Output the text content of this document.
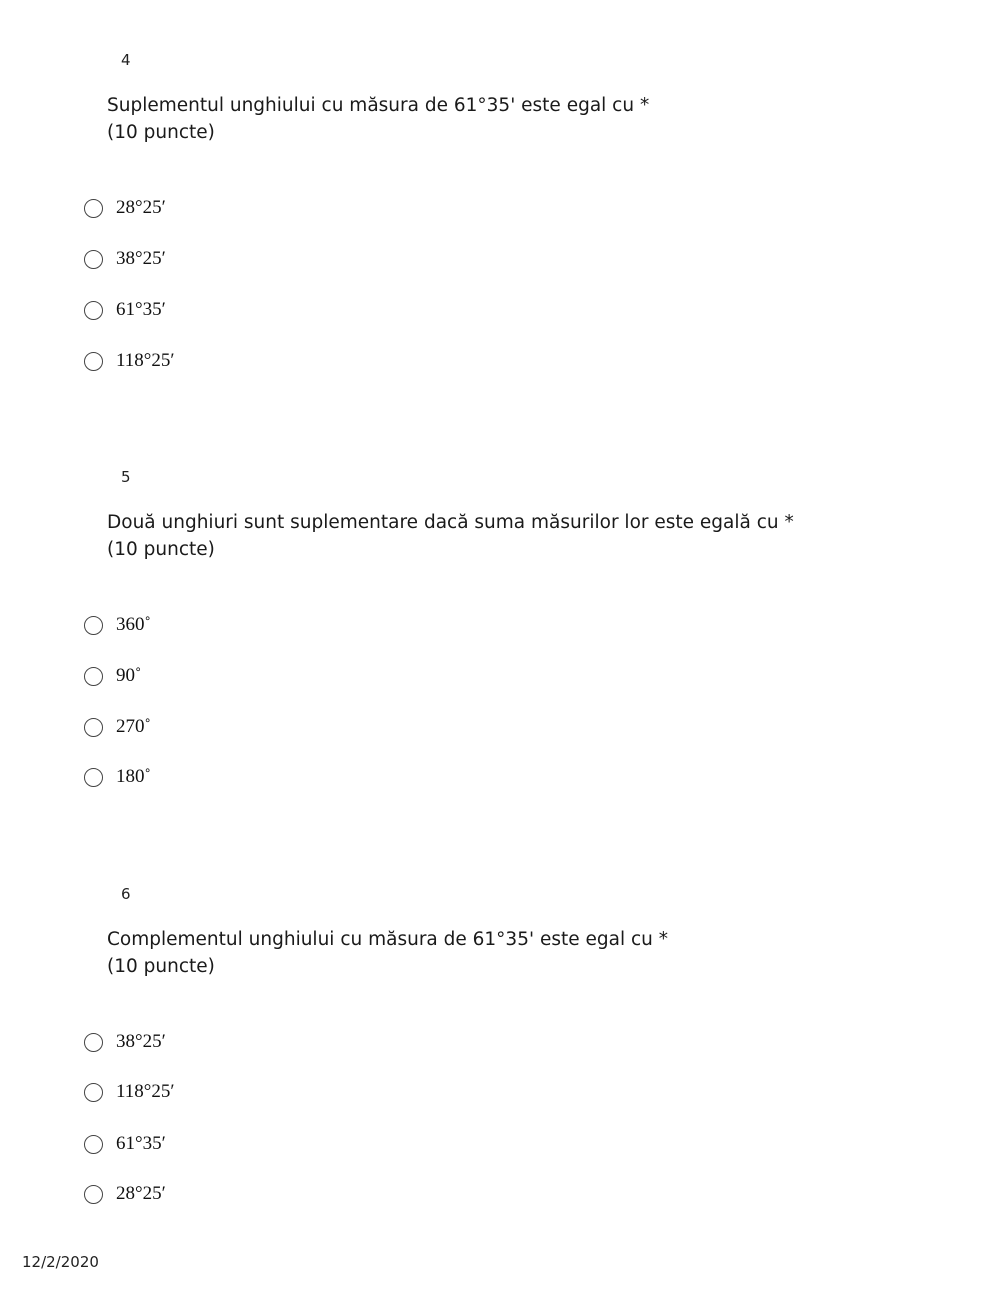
4
Suplementul unghiului cu măsura de 61°35' este egal cu *
(10 puncte)
28°25′
38°25′
61°35′
118°25′
5
Două unghiuri sunt suplementare dacă suma măsurilor lor este egală cu *
(10 puncte)
360˚
90˚
270˚
180˚
6
Complementul unghiului cu măsura de 61°35' este egal cu *
(10 puncte)
38°25′
118°25′
61°35′
28°25′
12/2/2020
